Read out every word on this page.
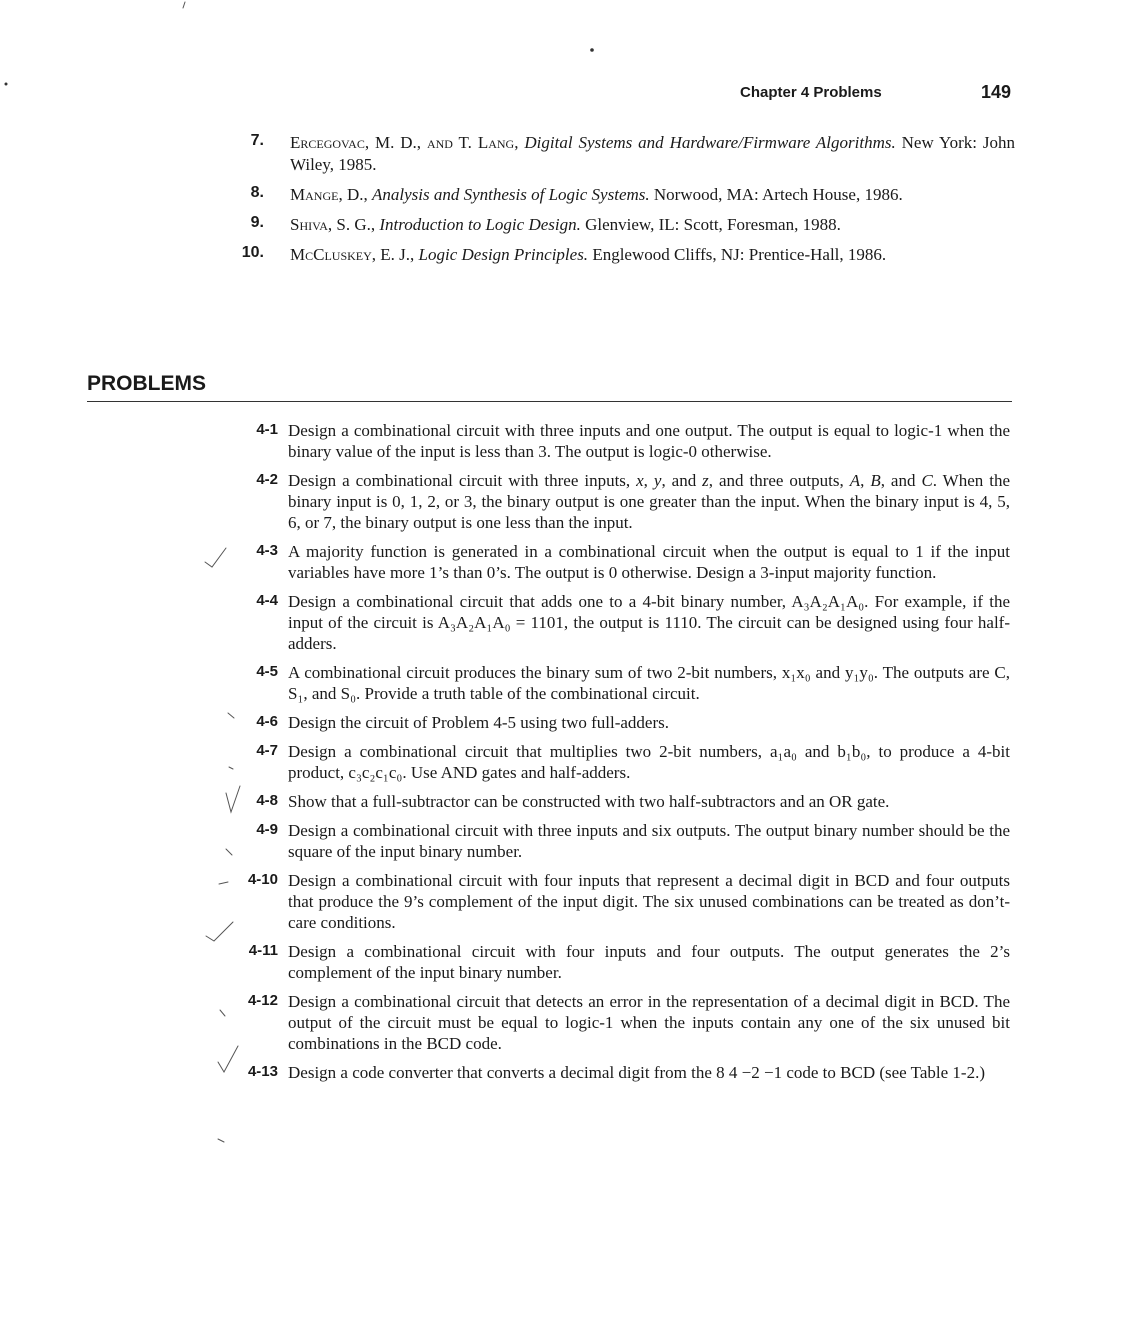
Chapter 4 Problems	149
7. Ercegovac, M. D., and T. Lang, Digital Systems and Hardware/Firmware Algorithms. New York: John Wiley, 1985.
8. Mange, D., Analysis and Synthesis of Logic Systems. Norwood, MA: Artech House, 1986.
9. Shiva, S. G., Introduction to Logic Design. Glenview, IL: Scott, Foresman, 1988.
10. McCluskey, E. J., Logic Design Principles. Englewood Cliffs, NJ: Prentice-Hall, 1986.
PROBLEMS
4-1 Design a combinational circuit with three inputs and one output. The output is equal to logic-1 when the binary value of the input is less than 3. The output is logic-0 otherwise.
4-2 Design a combinational circuit with three inputs, x, y, and z, and three outputs, A, B, and C. When the binary input is 0, 1, 2, or 3, the binary output is one greater than the input. When the binary input is 4, 5, 6, or 7, the binary output is one less than the input.
4-3 A majority function is generated in a combinational circuit when the output is equal to 1 if the input variables have more 1’s than 0’s. The output is 0 otherwise. Design a 3-input majority function.
4-4 Design a combinational circuit that adds one to a 4-bit binary number, A₃A₂A₁A₀. For example, if the input of the circuit is A₃A₂A₁A₀ = 1101, the output is 1110. The circuit can be designed using four half-adders.
4-5 A combinational circuit produces the binary sum of two 2-bit numbers, x₁x₀ and y₁y₀. The outputs are C, S₁, and S₀. Provide a truth table of the combinational circuit.
4-6 Design the circuit of Problem 4-5 using two full-adders.
4-7 Design a combinational circuit that multiplies two 2-bit numbers, a₁a₀ and b₁b₀, to produce a 4-bit product, c₃c₂c₁c₀. Use AND gates and half-adders.
4-8 Show that a full-subtractor can be constructed with two half-subtractors and an OR gate.
4-9 Design a combinational circuit with three inputs and six outputs. The output binary number should be the square of the input binary number.
4-10 Design a combinational circuit with four inputs that represent a decimal digit in BCD and four outputs that produce the 9’s complement of the input digit. The six unused combinations can be treated as don’t-care conditions.
4-11 Design a combinational circuit with four inputs and four outputs. The output generates the 2’s complement of the input binary number.
4-12 Design a combinational circuit that detects an error in the representation of a decimal digit in BCD. The output of the circuit must be equal to logic-1 when the inputs contain any one of the six unused bit combinations in the BCD code.
4-13 Design a code converter that converts a decimal digit from the 8 4 −2 −1 code to BCD (see Table 1-2.)
